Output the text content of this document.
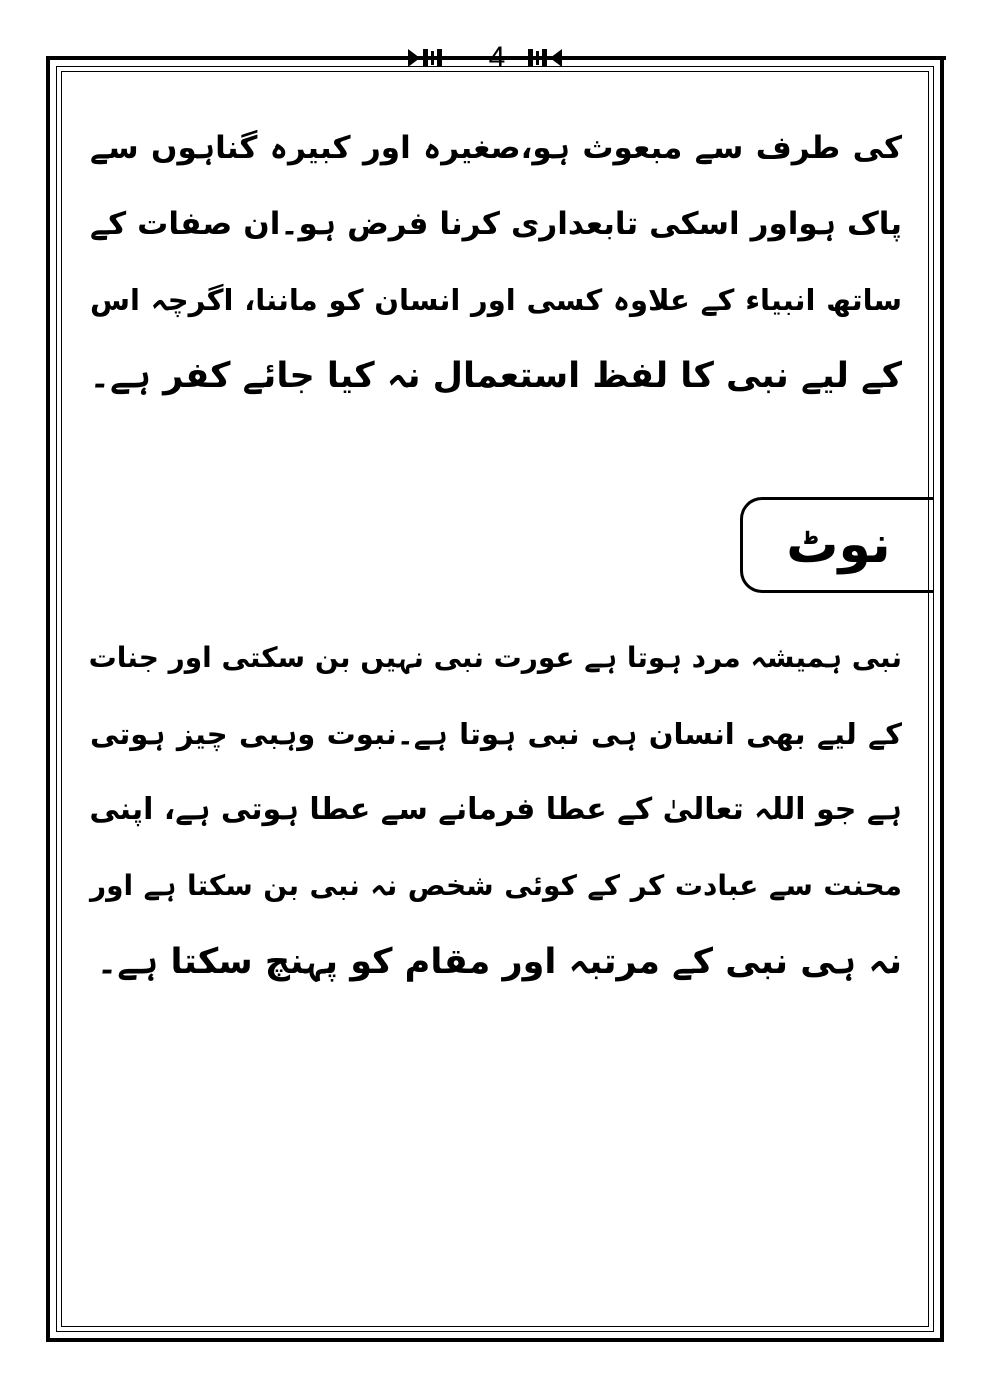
4
کی طرف سے مبعوث ہو،صغیرہ اور کبیرہ گناہوں سے
پاک ہواور اسکی تابعداری کرنا فرض ہو۔ان صفات کے
ساتھ انبیاء کے علاوہ کسی اور انسان کو ماننا، اگرچہ اس
کے لیے نبی کا لفظ استعمال نہ کیا جائے کفر ہے۔
نوٹ
نبی ہمیشہ مرد ہوتا ہے عورت نبی نہیں بن سکتی اور جنات
کے لیے بھی انسان ہی نبی ہوتا ہے۔نبوت وہبی چیز ہوتی
ہے جو اللہ تعالیٰ کے عطا فرمانے سے عطا ہوتی ہے، اپنی
محنت سے عبادت کر کے کوئی شخص نہ نبی بن سکتا ہے اور
نہ ہی نبی کے مرتبہ اور مقام کو پہنچ سکتا ہے۔
